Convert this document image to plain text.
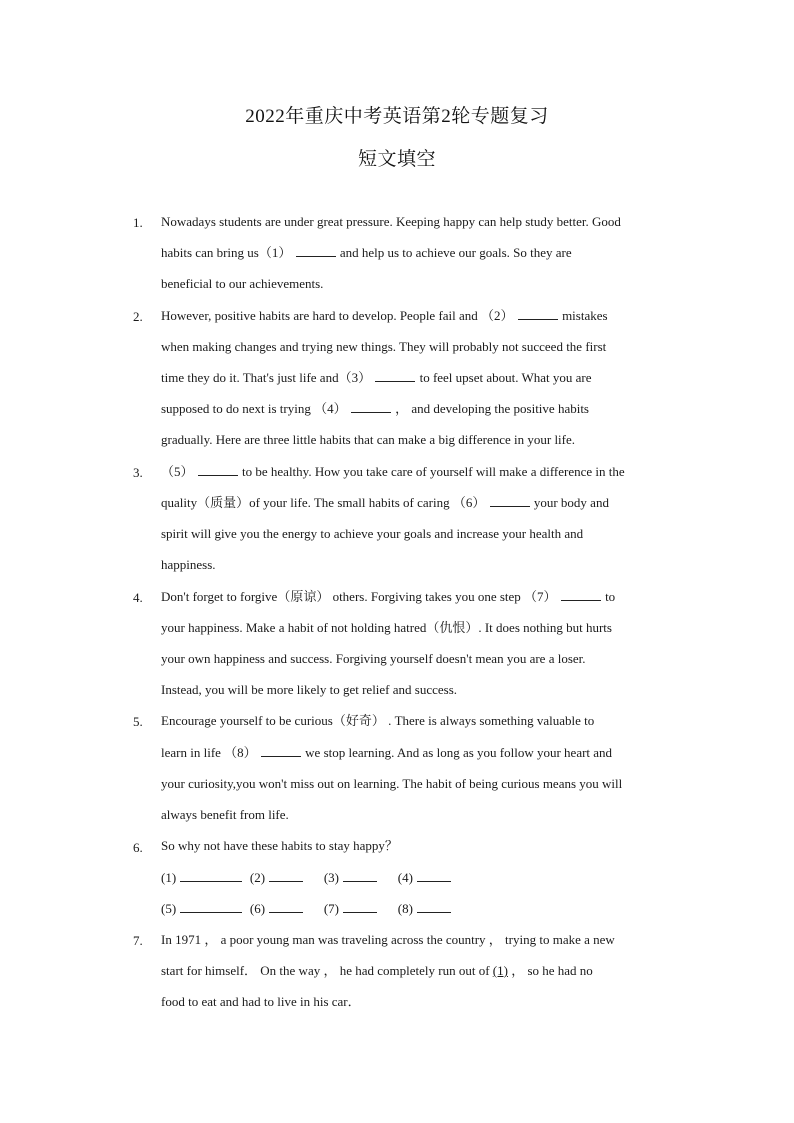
2022年重庆中考英语第2轮专题复习
短文填空
1. Nowadays students are under great pressure. Keeping happy can help study better. Good
habits can bring us（1）	and help us to achieve our goals. So they are
beneficial to our achievements.
2. However, positive habits are hard to develop. People fail and （2）	mistakes
when making changes and trying new things. They will probably not succeed the first
time they do it. That's just life and（3）	to feel upset about. What you are
supposed to do next is trying （4）	， and developing the positive habits
gradually. Here are three little habits that can make a big difference in your life.
3. （5）	to be healthy. How you take care of yourself will make a difference in the
quality（质量）of your life. The small habits of caring （6）	your body and
spirit will give you the energy to achieve your goals and increase your health and
happiness.
4. Don't forget to forgive（原谅） others. Forgiving takes you one step （7）	to
your happiness. Make a habit of not holding hatred（仇恨）. It does nothing but hurts
your own happiness and success. Forgiving yourself doesn't mean you are a loser.
Instead, you will be more likely to get relief and success.
5. Encourage yourself to be curious（好奇） . There is always something valuable to
learn in life （8）	we stop learning. And as long as you follow your heart and
your curiosity,you won't miss out on learning. The habit of being curious means you will
always benefit from life.
6. So why not have these habits to stay happy？
(1)	(2)	(3)	(4)
(5)	(6)	(7)	(8)
7. In 1971 ， a poor young man was traveling across the country ， trying to make a new
start for himself． On the way ， he had completely run out of (1) ， so he had no
food to eat and had to live in his car．
